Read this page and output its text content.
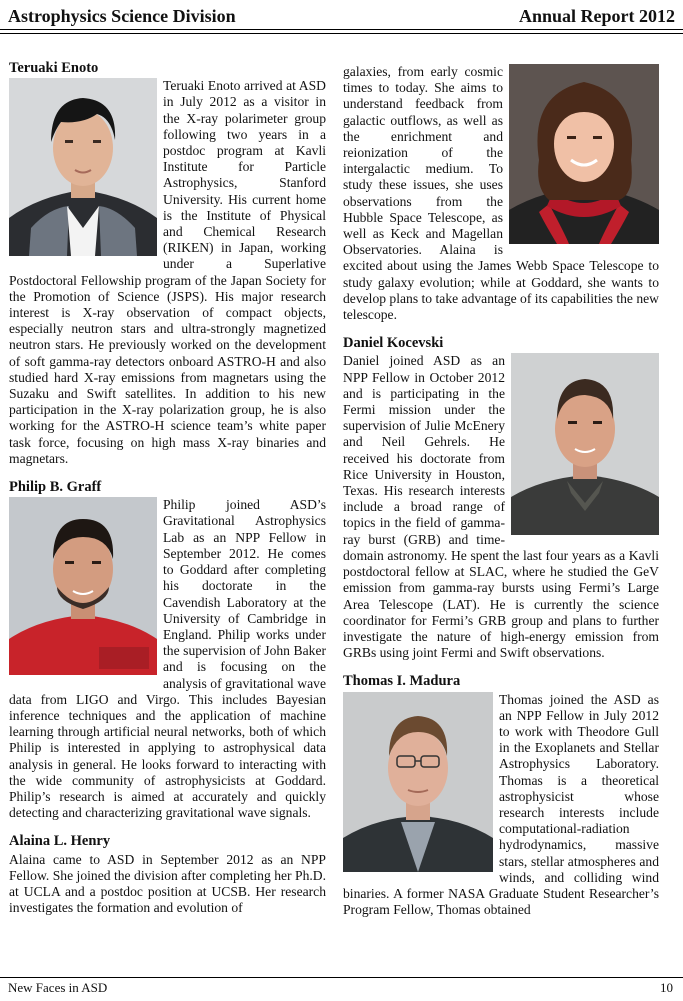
Astrophysics Science Division	Annual Report 2012
Teruaki Enoto

Teruaki Enoto arrived at ASD in July 2012 as a visitor in the X-ray polarimeter group following two years in a postdoc program at Kavli Institute for Particle Astrophysics, Stanford University. His current home is the Institute of Physical and Chemical Research (RIKEN) in Japan, working under a Superlative Postdoctoral Fellowship program of the Japan Society for the Promotion of Science (JSPS). His major research interest is X-ray observation of compact objects, especially neutron stars and ultra-strongly magnetized neutron stars. He previously worked on the development of soft gamma-ray detectors onboard ASTRO-H and also studied hard X-ray emissions from magnetars using the Suzaku and Swift satellites. In addition to his new participation in the X-ray polarization group, he is also working for the ASTRO-H science team’s white paper task force, focusing on high mass X-ray binaries and magnetars.

Philip B. Graff

Philip joined ASD’s Gravitational Astrophysics Lab as an NPP Fellow in September 2012. He comes to Goddard after completing his doctorate in the Cavendish Laboratory at the University of Cambridge in England. Philip works under the supervision of John Baker and is focusing on the analysis of gravitational wave data from LIGO and Virgo. This includes Bayesian inference techniques and the application of machine learning through artificial neural networks, both of which Philip is interested in applying to astrophysical data analysis in general. He looks forward to interacting with the wide community of astrophysicists at Goddard. Philip’s research is aimed at accurately and quickly detecting and characterizing gravitational wave signals.

Alaina L. Henry

Alaina came to ASD in September 2012 as an NPP Fellow. She joined the division after completing her Ph.D. at UCLA and a postdoc position at UCSB. Her research investigates the formation and evolution of

galaxies, from early cosmic times to today. She aims to understand feedback from galactic outflows, as well as the enrichment and reionization of the intergalactic medium. To study these issues, she uses observations from the Hubble Space Telescope, as well as Keck and Magellan Observatories. Alaina is excited about using the James Webb Space Telescope to study galaxy evolution; while at Goddard, she wants to develop plans to take advantage of its capabilities the new telescope.

Daniel Kocevski

Daniel joined ASD as an NPP Fellow in October 2012 and is participating in the Fermi mission under the supervision of Julie McEnery and Neil Gehrels. He received his doctorate from Rice University in Houston, Texas. His research interests include a broad range of topics in the field of gamma-ray burst (GRB) and time-domain astronomy. He spent the last four years as a Kavli postdoctoral fellow at SLAC, where he studied the GeV emission from gamma-ray bursts using Fermi’s Large Area Telescope (LAT). He is currently the science coordinator for Fermi’s GRB group and plans to further investigate the nature of high-energy emission from GRBs using joint Fermi and Swift observations.

Thomas I. Madura

Thomas joined the ASD as an NPP Fellow in July 2012 to work with Theodore Gull in the Exoplanets and Stellar Astrophysics Laboratory. Thomas is a theoretical astrophysicist whose research interests include computational-radiation hydrodynamics, massive stars, stellar atmospheres and winds, and colliding wind binaries. A former NASA Graduate Student Researcher’s Program Fellow, Thomas obtained

New Faces in ASD	10
